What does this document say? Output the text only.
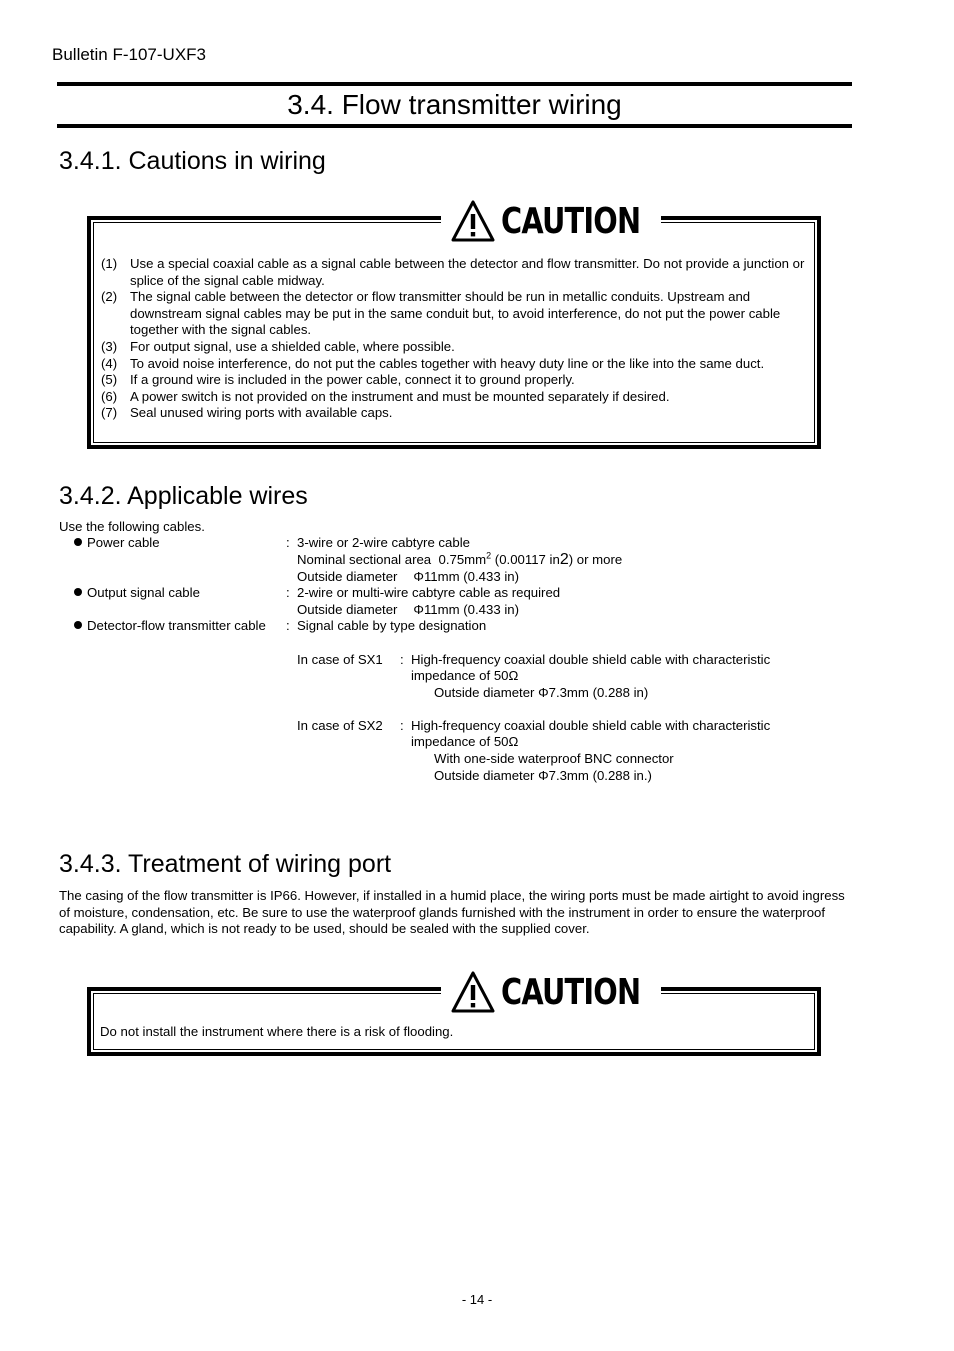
Bulletin F-107-UXF3
3.4. Flow transmitter wiring
3.4.1. Cautions in wiring
CAUTION
(1) Use a special coaxial cable as a signal cable between the detector and flow transmitter. Do not provide a junction or splice of the signal cable midway.
(2) The signal cable between the detector or flow transmitter should be run in metallic conduits. Upstream and downstream signal cables may be put in the same conduit but, to avoid interference, do not put the power cable together with the signal cables.
(3) For output signal, use a shielded cable, where possible.
(4) To avoid noise interference, do not put the cables together with heavy duty line or the like into the same duct.
(5) If a ground wire is included in the power cable, connect it to ground properly.
(6) A power switch is not provided on the instrument and must be mounted separately if desired.
(7) Seal unused wiring ports with available caps.
3.4.2. Applicable wires
Use the following cables.
Power cable	: 3-wire or 2-wire cabtyre cable
Nominal sectional area $0.75mm^2$ (0.00117 in2) or more
Outside diameter Φ11mm (0.433 in)
Output signal cable	: 2-wire or multi-wire cabtyre cable as required
Outside diameter Φ11mm (0.433 in)
Detector-flow transmitter cable : Signal cable by type designation
In case of SX1 : High-frequency coaxial double shield cable with characteristic
impedance of 50Ω
Outside diameter Φ7.3mm (0.288 in)
In case of SX2 : High-frequency coaxial double shield cable with characteristic
impedance of 50Ω
With one-side waterproof BNC connector
Outside diameter Φ7.3mm (0.288 in.)
3.4.3. Treatment of wiring port
The casing of the flow transmitter is IP66. However, if installed in a humid place, the wiring ports must be made airtight to avoid ingress of moisture, condensation, etc. Be sure to use the waterproof glands furnished with the instrument in order to ensure the waterproof capability. A gland, which is not ready to be used, should be sealed with the supplied cover.
CAUTION
Do not install the instrument where there is a risk of flooding.
- 14 -
